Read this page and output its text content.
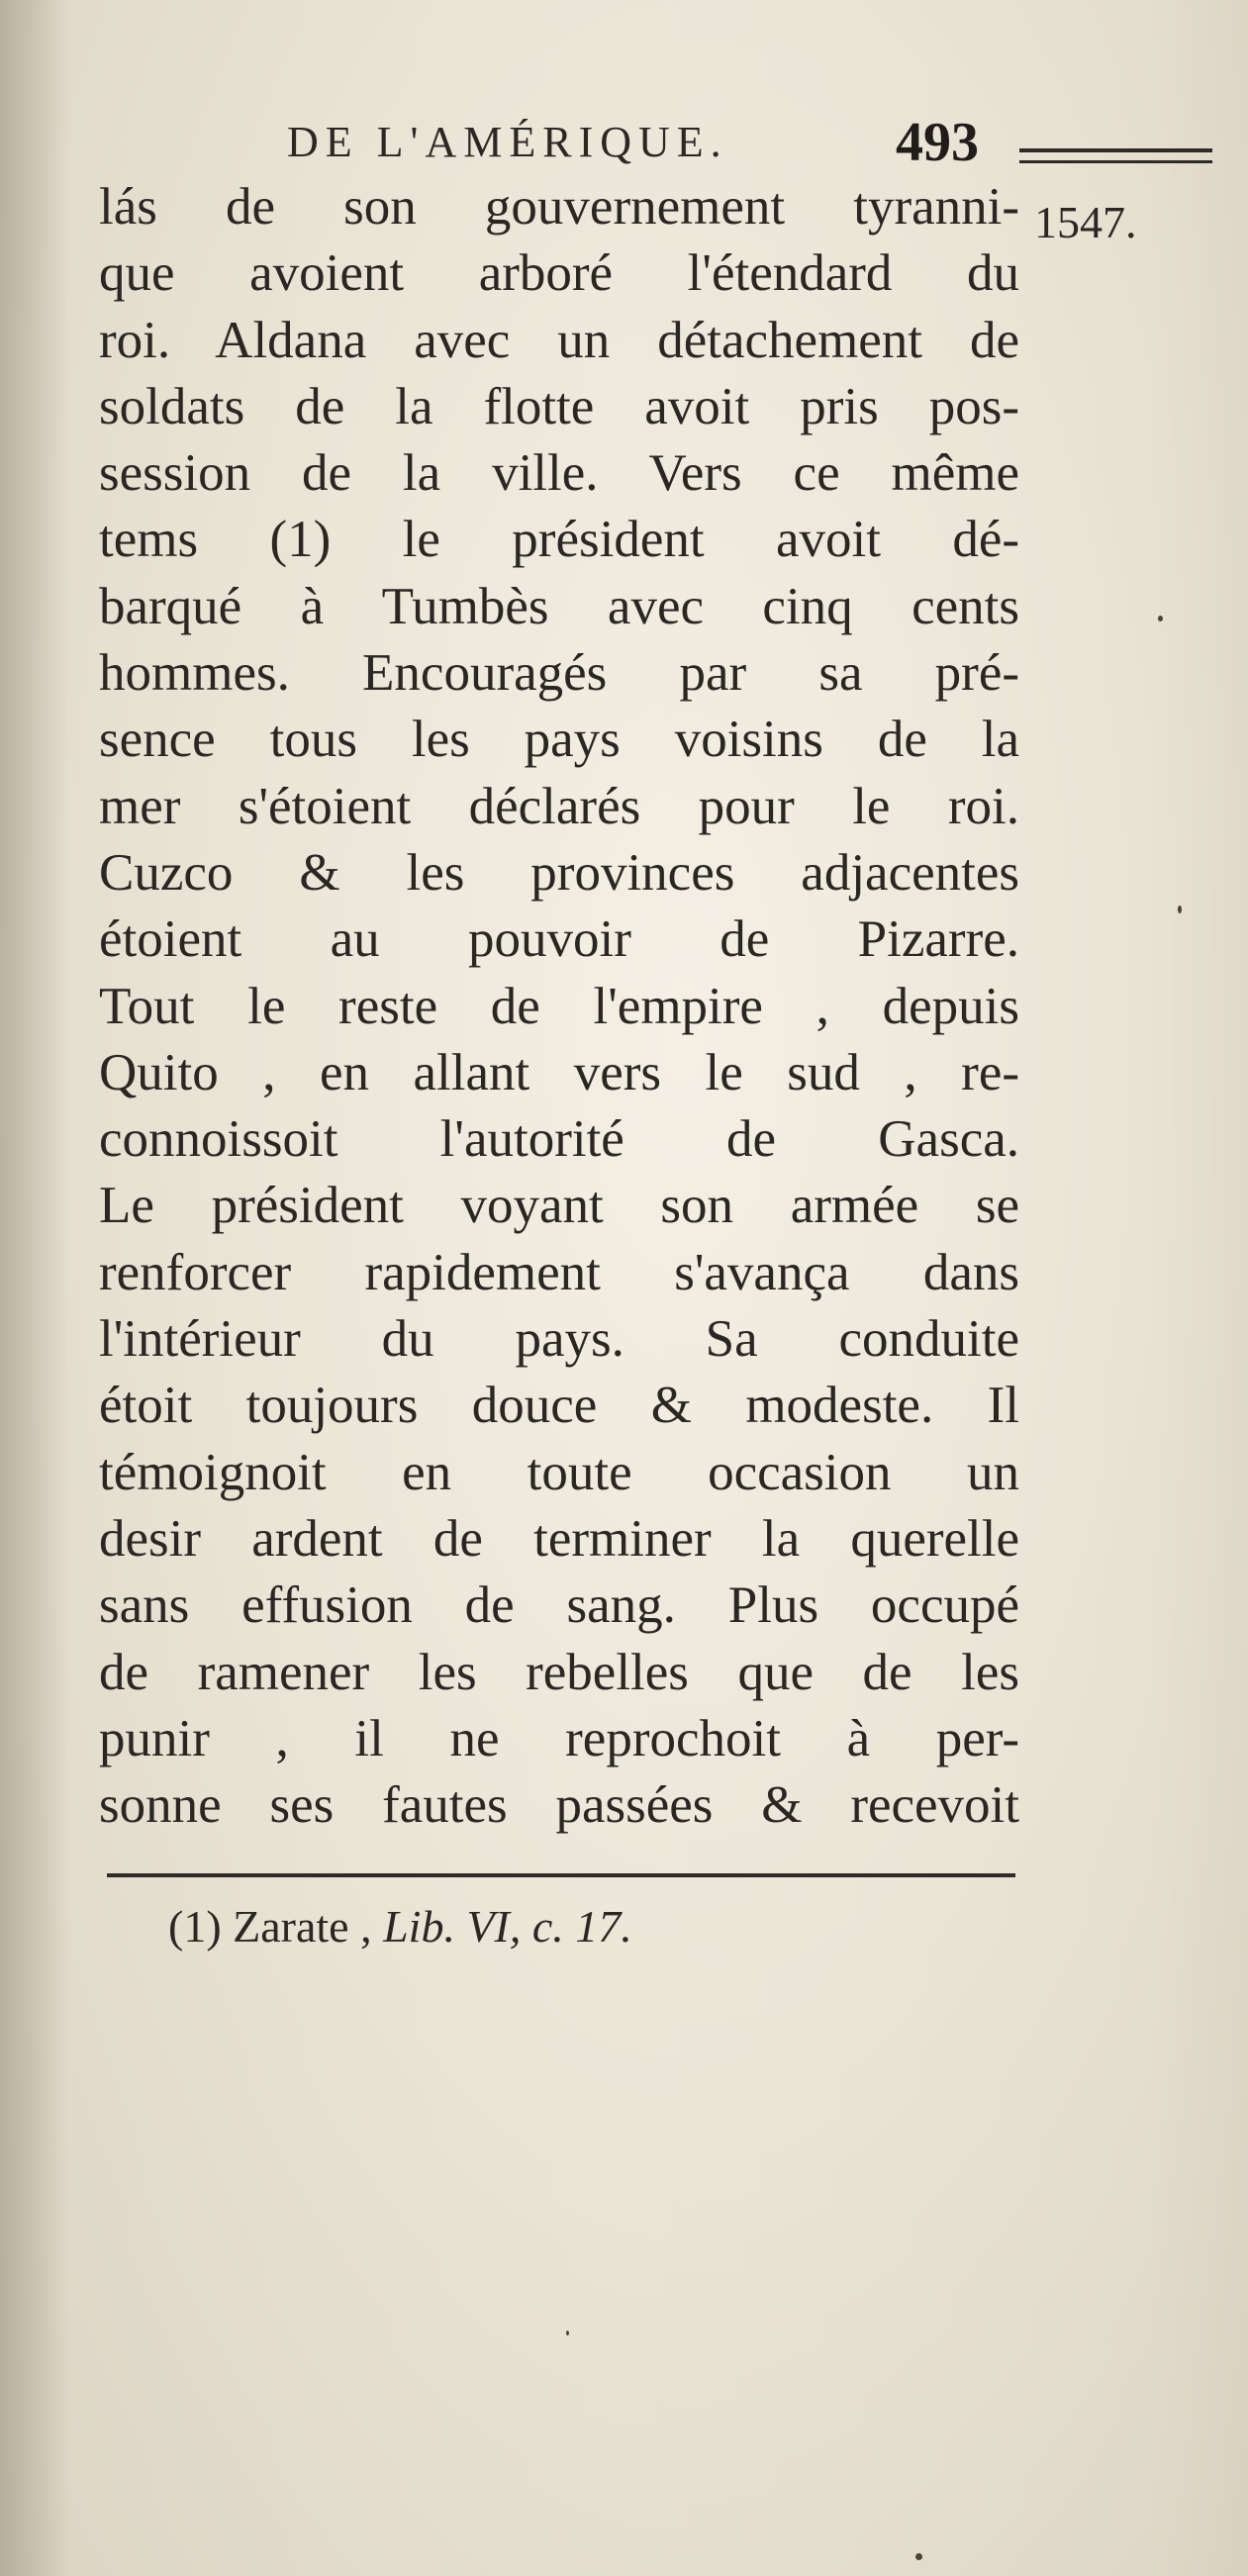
DE L'AMÉRIQUE.	493
1547.
lás de son gouvernement tyranni-
que avoient arboré l'étendard du
roi. Aldana avec un détachement de
soldats de la flotte avoit pris pos-
session de la ville. Vers ce même
tems (1) le président avoit dé-
barqué à Tumbès avec cinq cents
hommes. Encouragés par sa pré-
sence tous les pays voisins de la
mer s'étoient déclarés pour le roi.
Cuzco & les provinces adjacentes
étoient au pouvoir de Pizarre.
Tout le reste de l'empire , depuis
Quito , en allant vers le sud , re-
connoissoit l'autorité de Gasca.
Le président voyant son armée se
renforcer rapidement s'avança dans
l'intérieur du pays. Sa conduite
étoit toujours douce & modeste. Il
témoignoit en toute occasion un
desir ardent de terminer la querelle
sans effusion de sang. Plus occupé
de ramener les rebelles que de les
punir , il ne reprochoit à per-
sonne ses fautes passées & recevoit
(1) Zarate , Lib. VI, c. 17.
